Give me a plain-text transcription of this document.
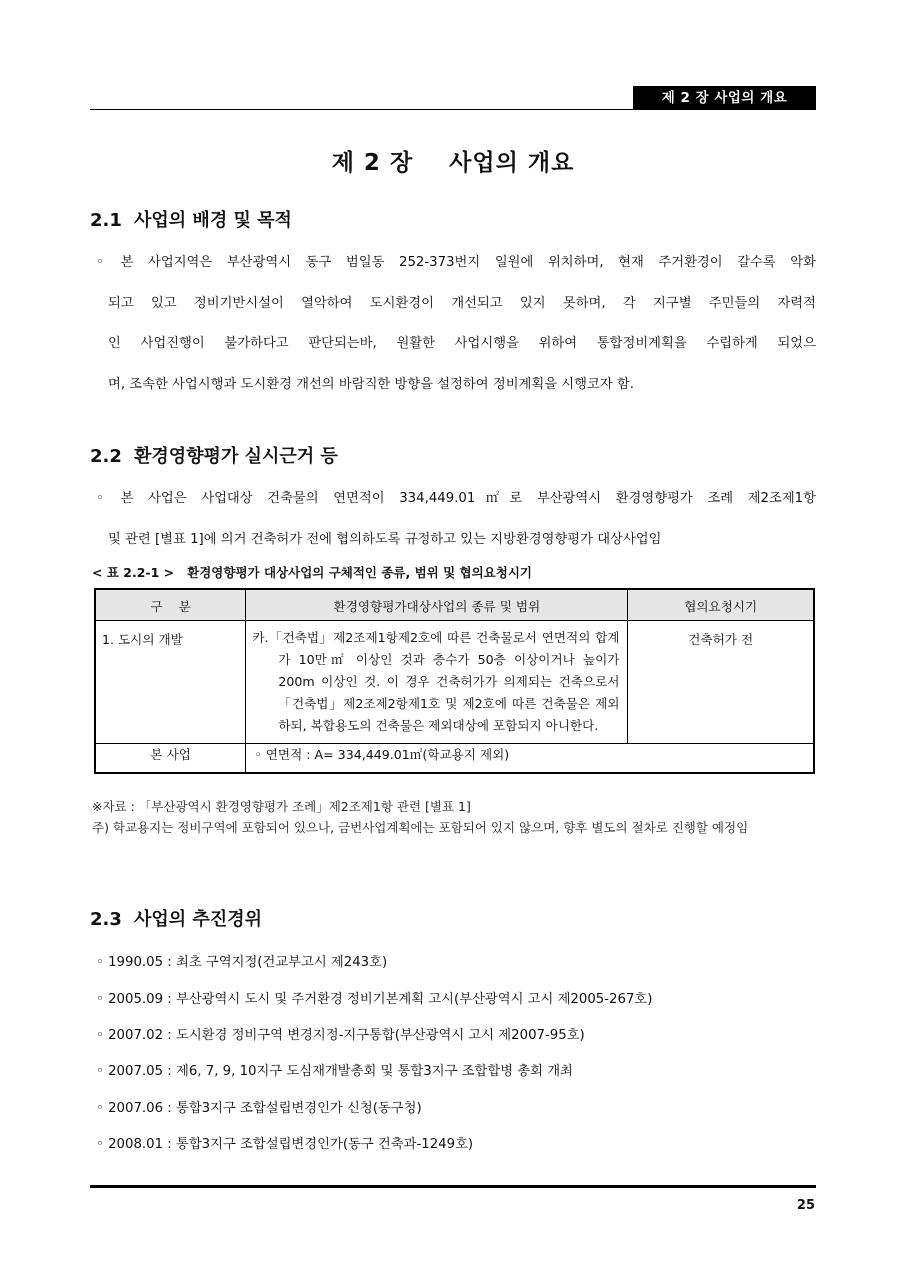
제 2 장 사업의 개요
제 2 장    사업의 개요
2.1 사업의 배경 및 목적
◦ 본 사업지역은 부산광역시 동구 범일동 252-373번지 일원에 위치하며, 현재 주거환경이 갈수록 악화
되고 있고 정비기반시설이 열악하여 도시환경이 개선되고 있지 못하며, 각 지구별 주민들의 자력적
인 사업진행이 불가하다고 판단되는바, 원활한 사업시행을 위하여 통합정비계획을 수립하게 되었으
며, 조속한 사업시행과 도시환경 개선의 바람직한 방향을 설정하여 정비계획을 시행코자 함.
2.2 환경영향평가 실시근거 등
◦ 본 사업은 사업대상 건축물의 연면적이 334,449.01㎡로 부산광역시 환경영향평가 조례 제2조제1항
및 관련 [별표 1]에 의거 건축허가 전에 협의하도록 규정하고 있는 지방환경영향평가 대상사업임
< 표 2.2-1 >   환경영향평가 대상사업의 구체적인 종류, 범위 및 협의요청시기
구    분	환경영향평가대상사업의 종류 및 범위	협의요청시기
1. 도시의 개발	카.「건축법」제2조제1항제2호에 따른 건축물로서 연면적의 합계가 10만㎡ 이상인 것과 층수가 50층 이상이거나 높이가 200m 이상인 것. 이 경우 건축허가가 의제되는 건축으로서「건축법」제2조제2항제1호 및 제2호에 따른 건축물은 제외하되, 복합용도의 건축물은 제외대상에 포함되지 아니한다.	건축허가 전
본 사업	◦ 연면적 : A= 334,449.01㎡(학교용지 제외)	
※자료 : 「부산광역시 환경영향평가 조례」제2조제1항 관련 [별표 1]
주) 학교용지는 정비구역에 포함되어 있으나, 금번사업계획에는 포함되어 있지 않으며, 향후 별도의 절차로 진행할 예정임
2.3 사업의 추진경위
◦ 1990.05 : 최초 구역지정(건교부고시 제243호)
◦ 2005.09 : 부산광역시 도시 및 주거환경 정비기본계획 고시(부산광역시 고시 제2005-267호)
◦ 2007.02 : 도시환경 정비구역 변경지정-지구통합(부산광역시 고시 제2007-95호)
◦ 2007.05 : 제6, 7, 9, 10지구 도심재개발총회 및 통합3지구 조합합병 총회 개최
◦ 2007.06 : 통합3지구 조합설립변경인가 신청(동구청)
◦ 2008.01 : 통합3지구 조합설립변경인가(동구 건축과-1249호)
25
